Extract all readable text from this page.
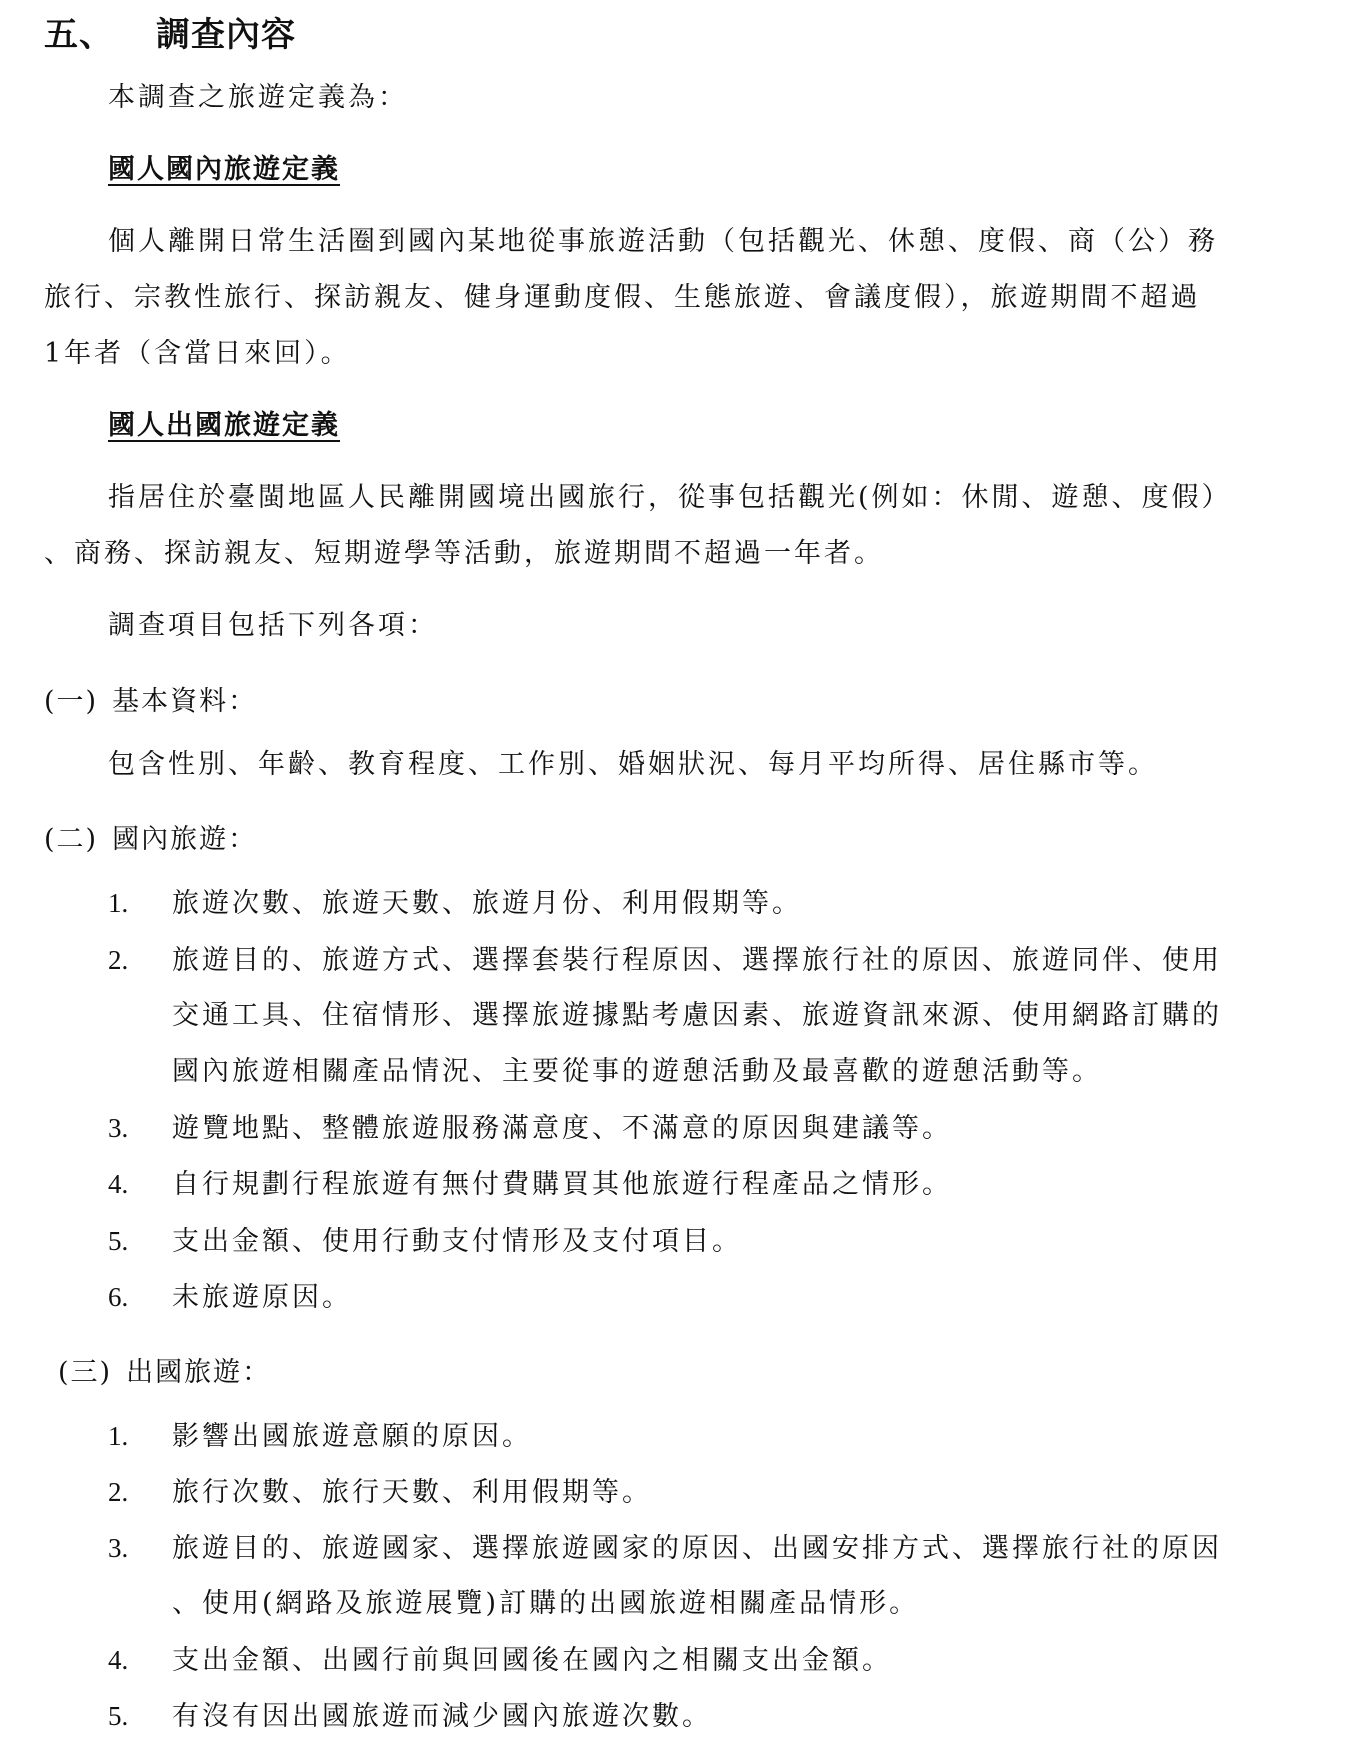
五、 調查內容
本調查之旅遊定義為：
國人國內旅遊定義
個人離開日常生活圈到國內某地從事旅遊活動（包括觀光、休憩、度假、商（公）務
旅行、宗教性旅行、探訪親友、健身運動度假、生態旅遊、會議度假），旅遊期間不超過
1年者（含當日來回）。
國人出國旅遊定義
指居住於臺閩地區人民離開國境出國旅行，從事包括觀光(例如：休閒、遊憩、度假）
、商務、探訪親友、短期遊學等活動，旅遊期間不超過一年者。
調查項目包括下列各項：
(一) 基本資料：
包含性別、年齡、教育程度、工作別、婚姻狀況、每月平均所得、居住縣市等。
(二) 國內旅遊：
1. 旅遊次數、旅遊天數、旅遊月份、利用假期等。
2. 旅遊目的、旅遊方式、選擇套裝行程原因、選擇旅行社的原因、旅遊同伴、使用
交通工具、住宿情形、選擇旅遊據點考慮因素、旅遊資訊來源、使用網路訂購的
國內旅遊相關產品情況、主要從事的遊憩活動及最喜歡的遊憩活動等。
3. 遊覽地點、整體旅遊服務滿意度、不滿意的原因與建議等。
4. 自行規劃行程旅遊有無付費購買其他旅遊行程產品之情形。
5. 支出金額、使用行動支付情形及支付項目。
6. 未旅遊原因。
(三) 出國旅遊：
1. 影響出國旅遊意願的原因。
2. 旅行次數、旅行天數、利用假期等。
3. 旅遊目的、旅遊國家、選擇旅遊國家的原因、出國安排方式、選擇旅行社的原因
、使用(網路及旅遊展覽)訂購的出國旅遊相關產品情形。
4. 支出金額、出國行前與回國後在國內之相關支出金額。
5. 有沒有因出國旅遊而減少國內旅遊次數。
